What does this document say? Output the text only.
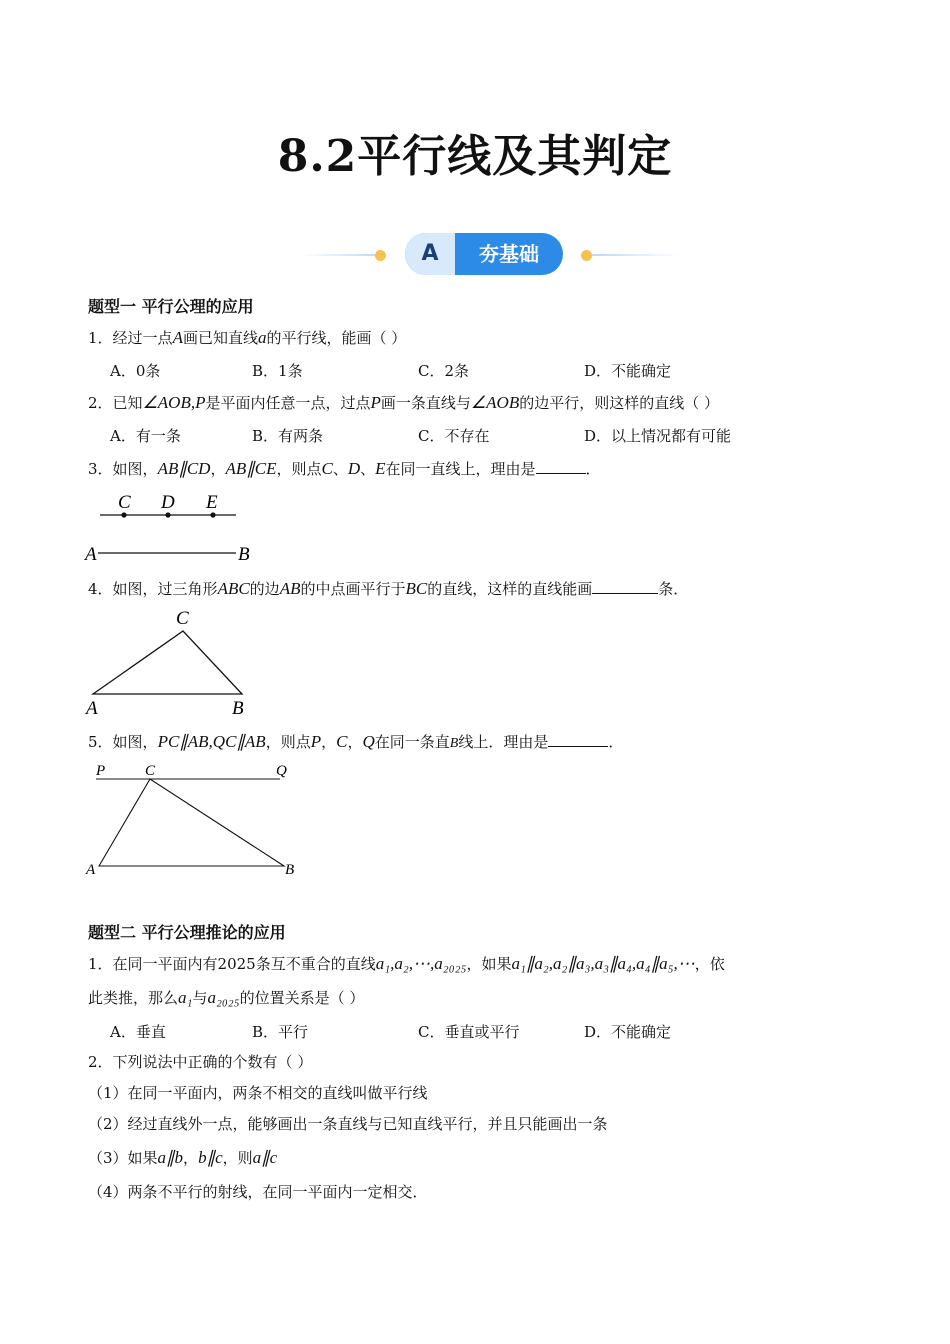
8.2平行线及其判定
A	夯基础
题型一 平行公理的应用
1．经过一点A画已知直线a的平行线，能画（ ）
A．0条	B．1条	C．2条	D．不能确定
2．已知∠AOB,P是平面内任意一点，过点P画一条直线与∠AOB的边平行，则这样的直线（ ）
A．有一条	B．有两条	C．不存在	D．以上情况都有可能
3．如图，AB∥CD，AB∥CE，则点C、D、E在同一直线上，理由是	．
C D E
A	B
4．如图，过三角形ABC的边AB的中点画平行于BC的直线，这样的直线能画	条．
C
A	B
5．如图，PC∥AB,QC∥AB，则点P，C，Q在同一条直B线上．理由是	．
P	C	Q
A	B
题型二 平行公理推论的应用
1．在同一平面内有2025条互不重合的直线a₁,a₂,⋯,a₂₀₂₅，如果a₁∥a₂,a₂∥a₃,a₃∥a₄,a₄∥a₅,⋯，依
此类推，那么a₁与a₂₀₂₅的位置关系是（ ）
A．垂直	B．平行	C．垂直或平行	D．不能确定
2．下列说法中正确的个数有（ ）
（1）在同一平面内，两条不相交的直线叫做平行线
（2）经过直线外一点，能够画出一条直线与已知直线平行，并且只能画出一条
（3）如果a∥b，b∥c，则a∥c
（4）两条不平行的射线，在同一平面内一定相交．
